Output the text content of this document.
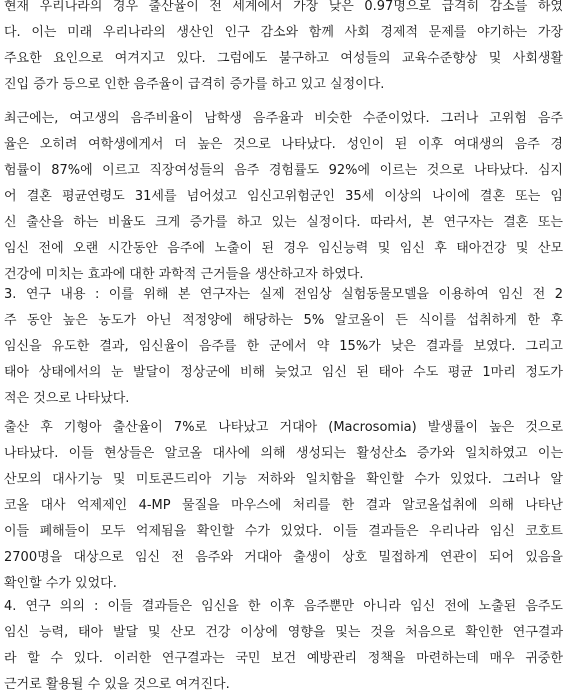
현재 우리나라의 경우 출산율이 전 세계에서 가장 낮은 0.97명으로 급격히 감소를 하였
다. 이는 미래 우리나라의 생산인 인구 감소와 함께 사회 경제적 문제를 야기하는 가장
주요한 요인으로 여겨지고 있다. 그럼에도 불구하고 여성들의 교육수준향상 및 사회생활
진입 증가 등으로 인한 음주율이 급격히 증가를 하고 있고 실정이다.
최근에는, 여고생의 음주비율이 남학생 음주율과 비슷한 수준이었다. 그러나 고위험 음주
율은 오히려 여학생에게서 더 높은 것으로 나타났다. 성인이 된 이후 여대생의 음주 경
험률이 87%에 이르고 직장여성들의 음주 경험률도 92%에 이르는 것으로 나타났다. 심지
어 결혼 평균연령도 31세를 넘어섰고 임신고위험군인 35세 이상의 나이에 결혼 또는 임
신 출산을 하는 비율도 크게 증가를 하고 있는 실정이다. 따라서, 본 연구자는 결혼 또는
임신 전에 오랜 시간동안 음주에 노출이 된 경우 임신능력 및 임신 후 태아건강 및 산모
건강에 미치는 효과에 대한 과학적 근거들을 생산하고자 하였다.
3. 연구 내용 : 이를 위해 본 연구자는 실제 전임상 실험동물모델을 이용하여 임신 전 2
주 동안 높은 농도가 아닌 적정양에 해당하는 5% 알코올이 든 식이를 섭취하게 한 후
임신을 유도한 결과, 임신율이 음주를 한 군에서 약 15%가 낮은 결과를 보였다. 그리고
태아 상태에서의 눈 발달이 정상군에 비해 늦었고 임신 된 태아 수도 평균 1마리 정도가
적은 것으로 나타났다.
출산 후 기형아 출산율이 7%로 나타났고 거대아 (Macrosomia) 발생률이 높은 것으로
나타났다. 이들 현상들은 알코올 대사에 의해 생성되는 활성산소 증가와 일치하였고 이는
산모의 대사기능 및 미토콘드리아 기능 저하와 일치함을 확인할 수가 있었다. 그러나 알
코올 대사 억제제인 4-MP 물질을 마우스에 처리를 한 결과 알코올섭취에 의해 나타난
이들 폐해들이 모두 억제됨을 확인할 수가 있었다. 이들 결과들은 우리나라 임신 코호트
2700명을 대상으로 임신 전 음주와 거대아 출생이 상호 밀접하게 연관이 되어 있음을
확인할 수가 있었다.
4. 연구 의의 : 이들 결과들은 임신을 한 이후 음주뿐만 아니라 임신 전에 노출된 음주도
임신 능력, 태아 발달 및 산모 건강 이상에 영향을 및는 것을 처음으로 확인한 연구결과
라 할 수 있다. 이러한 연구결과는 국민 보건 예방관리 정책을 마련하는데 매우 귀중한
근거로 활용될 수 있을 것으로 여겨진다.
